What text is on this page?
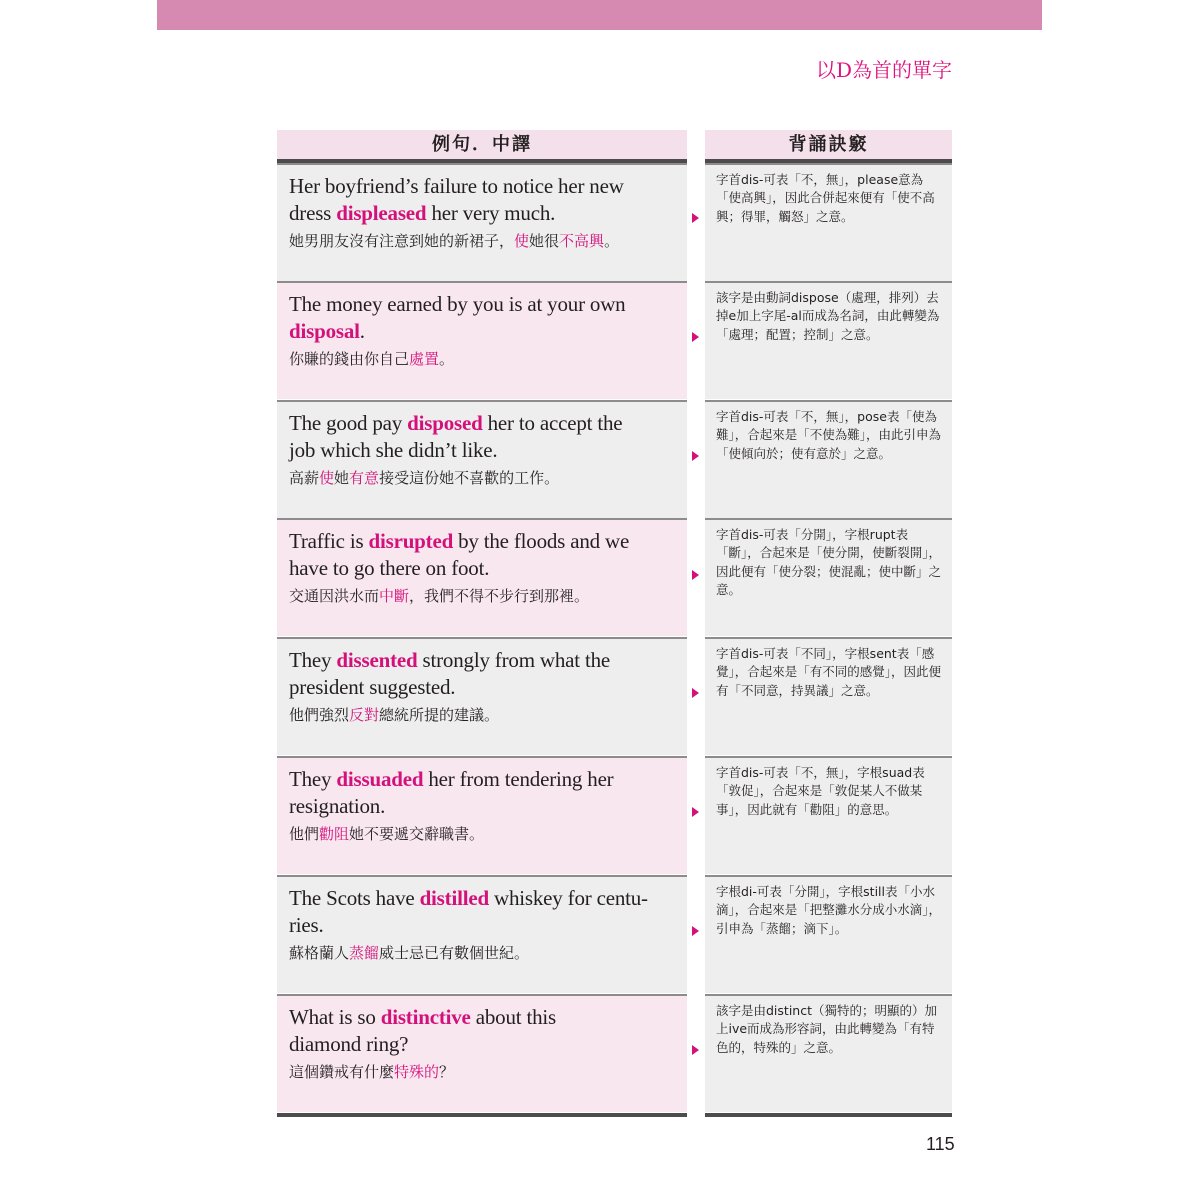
以D為首的單字
例句．中譯	背誦訣竅
Her boyfriend’s failure to notice her new
dress displeased her very much.
她男朋友沒有注意到她的新裙子，使她很不高興。
字首dis-可表「不，無」，please意為「使高興」，因此合併起來便有「使不高興；得罪，觸怒」之意。
The money earned by you is at your own
disposal.
你賺的錢由你自己處置。
該字是由動詞dispose（處理，排列）去掉e加上字尾-al而成為名詞，由此轉變為「處理；配置；控制」之意。
The good pay disposed her to accept the
job which she didn’t like.
高薪使她有意接受這份她不喜歡的工作。
字首dis-可表「不，無」，pose表「使為難」，合起來是「不使為難」，由此引申為「使傾向於；使有意於」之意。
Traffic is disrupted by the floods and we
have to go there on foot.
交通因洪水而中斷，我們不得不步行到那裡。
字首dis-可表「分開」，字根rupt表「斷」，合起來是「使分開，使斷裂開」，因此便有「使分裂；使混亂；使中斷」之意。
They dissented strongly from what the
president suggested.
他們強烈反對總統所提的建議。
字首dis-可表「不同」，字根sent表「感覺」，合起來是「有不同的感覺」，因此便有「不同意，持異議」之意。
They dissuaded her from tendering her
resignation.
他們勸阻她不要遞交辭職書。
字首dis-可表「不，無」，字根suad表「敦促」，合起來是「敦促某人不做某事」，因此就有「勸阻」的意思。
The Scots have distilled whiskey for centu-
ries.
蘇格蘭人蒸餾威士忌已有數個世紀。
字根di-可表「分開」，字根still表「小水滴」，合起來是「把整灘水分成小水滴」，引申為「蒸餾；滴下」。
What is so distinctive about this
diamond ring?
這個鑽戒有什麼特殊的？
該字是由distinct（獨特的；明顯的）加上ive而成為形容詞，由此轉變為「有特色的，特殊的」之意。
115
